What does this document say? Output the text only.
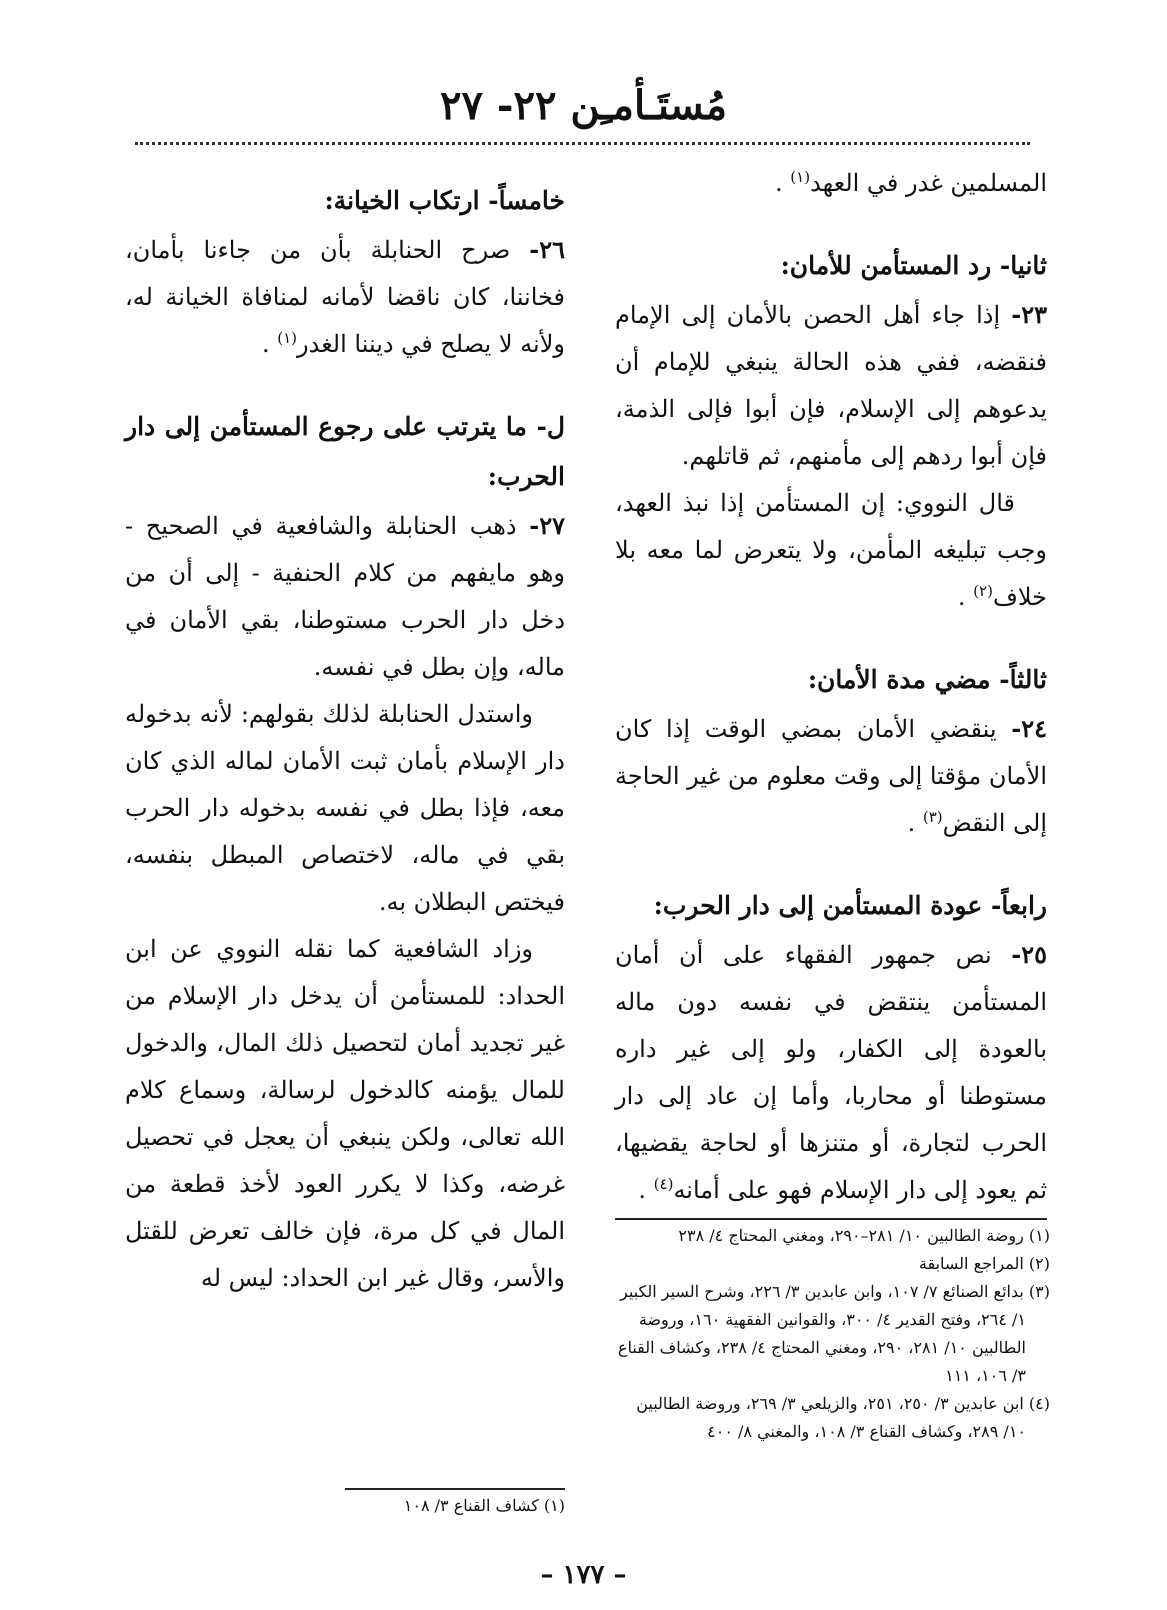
مُستَـأمـِن ٢٢- ٢٧

المسلمين غدر في العهد$^{(١)}$ .

ثانيا- رد المستأمن للأمان:

٢٣- إذا جاء أهل الحصن بالأمان إلى الإمام فنقضه، ففي هذه الحالة ينبغي للإمام أن يدعوهم إلى الإسلام، فإن أبوا فإلى الذمة، فإن أبوا ردهم إلى مأمنهم، ثم قاتلهم.

قال النووي: إن المستأمن إذا نبذ العهد، وجب تبليغه المأمن، ولا يتعرض لما معه بلا خلاف$^{(٢)}$ .

ثالثاً- مضي مدة الأمان:

٢٤- ينقضي الأمان بمضي الوقت إذا كان الأمان مؤقتا إلى وقت معلوم من غير الحاجة إلى النقض$^{(٣)}$ .

رابعاً- عودة المستأمن إلى دار الحرب:

٢٥- نص جمهور الفقهاء على أن أمان المستأمن ينتقض في نفسه دون ماله بالعودة إلى الكفار، ولو إلى غير داره مستوطنا أو محاربا، وأما إن عاد إلى دار الحرب لتجارة، أو متنزها أو لحاجة يقضيها، ثم يعود إلى دار الإسلام فهو على أمانه$^{(٤)}$ .

خامساً- ارتكاب الخيانة:

٢٦- صرح الحنابلة بأن من جاءنا بأمان، فخاننا، كان ناقضا لأمانه لمنافاة الخيانة له، ولأنه لا يصلح في ديننا الغدر$^{(١)}$ .

ل- ما يترتب على رجوع المستأمن إلى دار الحرب:

٢٧- ذهب الحنابلة والشافعية في الصحيح - وهو مايفهم من كلام الحنفية - إلى أن من دخل دار الحرب مستوطنا، بقي الأمان في ماله، وإن بطل في نفسه.

واستدل الحنابلة لذلك بقولهم: لأنه بدخوله دار الإسلام بأمان ثبت الأمان لماله الذي كان معه، فإذا بطل في نفسه بدخوله دار الحرب بقي في ماله، لاختصاص المبطل بنفسه، فيختص البطلان به.

وزاد الشافعية كما نقله النووي عن ابن الحداد: للمستأمن أن يدخل دار الإسلام من غير تجديد أمان لتحصيل ذلك المال، والدخول للمال يؤمنه كالدخول لرسالة، وسماع كلام الله تعالى، ولكن ينبغي أن يعجل في تحصيل غرضه، وكذا لا يكرر العود لأخذ قطعة من المال في كل مرة، فإن خالف تعرض للقتل والأسر، وقال غير ابن الحداد: ليس له

(١) روضة الطالبين ١٠/ ٢٨١–٢٩٠، ومغني المحتاج ٤/ ٢٣٨

(٢) المراجع السابقة

(٣) بدائع الصنائع ٧/ ١٠٧، وابن عابدين ٣/ ٢٢٦، وشرح السير الكبير ١/ ٢٦٤، وفتح القدير ٤/ ٣٠٠، والقوانين الفقهية ١٦٠، وروضة الطالبين ١٠/ ٢٨١، ٢٩٠، ومغني المحتاج ٤/ ٢٣٨، وكشاف القناع ٣/ ١٠٦، ١١١

(٤) ابن عابدين ٣/ ٢٥٠، ٢٥١، والزيلعي ٣/ ٢٦٩، وروضة الطالبين ١٠/ ٢٨٩، وكشاف القناع ٣/ ١٠٨، والمغني ٨/ ٤٠٠

(١) كشاف القناع ٣/ ١٠٨
– ١٧٧ –
